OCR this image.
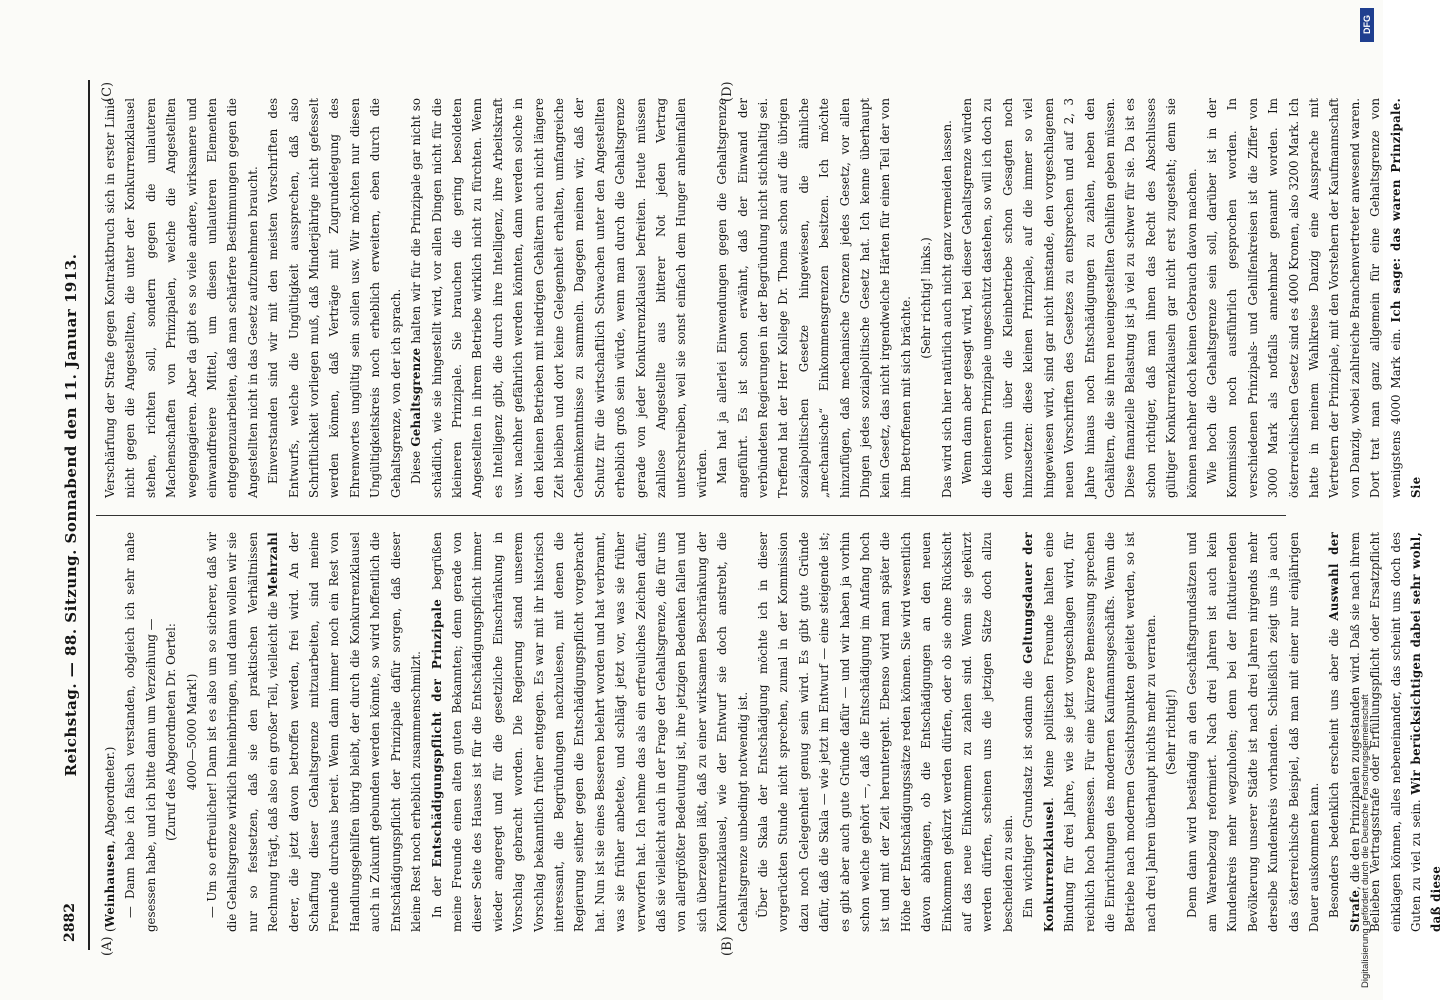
2882
Reichstag. — 88. Sitzung. Sonnabend den 11. Januar 1913.

(Weinhausen, Abgeordneter.) — Dann habe ich falsch verstanden, obgleich ich sehr nahe gesessen habe, und ich bitte dann um Verzeihung — (Zuruf des Abgeordneten Dr. Oertel: 4000—5000 Mark!) — Um so erfreulicher! Dann ist es also um so sicherer, daß wir die Gehaltsgrenze wirklich hineinbringen, und dann wollen wir sie nur so festsetzen, daß sie den praktischen Verhältnissen Rechnung trägt, daß also ein großer Teil, vielleicht die Mehrzahl derer, die jetzt davon betroffen werden, frei wird. An der Schaffung dieser Gehaltsgrenze mitzuarbeiten, sind meine Freunde durchaus bereit. Wenn dann immer noch ein Rest von Handlungsgehilfen übrig bleibt, der durch die Konkurrenzklausel auch in Zukunft gebunden werden könnte, so wird hoffentlich die Entschädigungspflicht der Prinzipale dafür sorgen, daß dieser kleine Rest noch erheblich zusammenschmilzt. In der Entschädigungspflicht der Prinzipale begrüßen meine Freunde einen alten guten Bekannten; denn gerade von dieser Seite des Hauses ist für die Entschädigungspflicht immer wieder angeregt und für die gesetzliche Einschränkung in Vorschlag gebracht worden. Die Regierung stand unserem Vorschlag bekanntlich früher entgegen. Es war mit ihr historisch interessant, die Begründungen nachzulesen, mit denen die Regierung seither gegen die Entschädigungspflicht vorgebracht hat. Nun ist sie eines Besseren belehrt worden und hat verbrannt, was sie früher anbetete, und schlägt jetzt vor, was sie früher verworfen hat. Ich nehme das als ein erfreuliches Zeichen dafür, daß sie vielleicht auch in der Frage der Gehaltsgrenze, die für uns von allergrößter Bedeutung ist, ihre jetzigen Bedenken fallen und sich überzeugen läßt, daß zu einer wirksamen Beschränkung der Konkurrenzklausel, wie der Entwurf sie doch anstrebt, die Gehaltsgrenze unbedingt notwendig ist. Über die Skala der Entschädigung möchte ich in dieser vorgerückten Stunde nicht sprechen, zumal in der Kommission dazu noch Gelegenheit genug sein wird. Es gibt gute Gründe dafür, daß die Skala — wie jetzt im Entwurf — eine steigende ist; es gibt aber auch gute Gründe dafür — und wir haben ja vorhin schon welche gehört —, daß die Entschädigung im Anfang hoch ist und mit der Zeit heruntergeht. Ebenso wird man später die Höhe der Entschädigungssätze reden können. Sie wird wesentlich davon abhängen, ob die Entschädigungen an den neuen Einkommen gekürzt werden dürfen, oder ob sie ohne Rücksicht auf das neue Einkommen zu zahlen sind. Wenn sie gekürzt werden dürfen, scheinen uns die jetzigen Sätze doch allzu bescheiden zu sein. Ein wichtiger Grundsatz ist sodann die Geltungsdauer der Konkurrenzklausel. Meine politischen Freunde halten eine Bindung für drei Jahre, wie sie jetzt vorgeschlagen wird, für reichlich hoch bemessen. Für eine kürzere Bemessung sprechen die Einrichtungen des modernen Kaufmannsgeschäfts. Wenn die Betriebe nach modernen Gesichtspunkten geleitet werden, so ist nach drei Jahren überhaupt nichts mehr zu verraten. (Sehr richtig!) Denn dann wird beständig an den Geschäftsgrundsätzen und am Warenbezug reformiert. Nach drei Jahren ist auch kein Kundenkreis mehr wegzuholen; denn bei der fluktuierenden Bevölkerung unserer Städte ist nach drei Jahren nirgends mehr derselbe Kundenkreis vorhanden. Schließlich zeigt uns ja auch das österreichische Beispiel, daß man mit einer nur einjährigen Dauer auskommen kann. Besonders bedenklich erscheint uns aber die Auswahl der Strafe, die den Prinzipalen zugestanden wird. Daß sie nach ihrem Belieben Vertragsstrafe oder Erfüllungspflicht oder Ersatzpflicht einklagen können, alles nebeneinander, das scheint uns doch des Guten zu viel zu sein. Wir berücksichtigen dabei sehr wohl, daß diese

Verschärfung der Strafe gegen Kontraktbruch sich in erster Linie nicht gegen die Angestellten, die unter der Konkurrenzklausel stehen, richten soll, sondern gegen die unlauteren Machenschaften von Prinzipalen, welche die Angestellten wegengagieren. Aber da gibt es so viele andere, wirksamere und einwandfreiere Mittel, um diesen unlauteren Elementen entgegenzuarbeiten, daß man schärfere Bestimmungen gegen die Angestellten nicht in das Gesetz aufzunehmen braucht. Einverstanden sind wir mit den meisten Vorschriften des Entwurfs, welche die Ungültigkeit aussprechen, daß also Schriftlichkeit vorliegen muß, daß Minderjährige nicht gefesselt werden können, daß Verträge mit Zugrundelegung des Ehrenwortes ungültig sein sollen usw. Wir möchten nur diesen Ungültigkeitskreis noch erheblich erweitern, eben durch die Gehaltsgrenze, von der ich sprach. Diese Gehaltsgrenze halten wir für die Prinzipale gar nicht so schädlich, wie sie hingestellt wird, vor allen Dingen nicht für die kleineren Prinzipale. Sie brauchen die gering besoldeten Angestellten in ihrem Betriebe wirklich nicht zu fürchten. Wenn es Intelligenz gibt, die durch ihre Intelligenz, ihre Arbeitskraft usw. nachher gefährlich werden könnten, dann werden solche in den kleinen Betrieben mit niedrigen Gehältern auch nicht längere Zeit bleiben und dort keine Gelegenheit erhalten, umfangreiche Geheimkenntnisse zu sammeln. Dagegen meinen wir, daß der Schutz für die wirtschaftlich Schwachen unter den Angestellten erheblich groß sein würde, wenn man durch die Gehaltsgrenze gerade von jeder Konkurrenzklausel befreiten. Heute müssen zahllose Angestellte aus bitterer Not jeden Vertrag unterschreiben, weil sie sonst einfach dem Hunger anheimfallen würden. Man hat ja allerlei Einwendungen gegen die Gehaltsgrenze angeführt. Es ist schon erwähnt, daß der Einwand der verbündeten Regierungen in der Begründung nicht stichhaltig sei. Treffend hat der Herr Kollege Dr. Thoma schon auf die übrigen sozialpolitischen Gesetze hingewiesen, die ähnliche „mechanische“ Einkommensgrenzen besitzen. Ich möchte hinzufügen, daß mechanische Grenzen jedes Gesetz, vor allen Dingen jedes sozialpolitische Gesetz hat. Ich kenne überhaupt kein Gesetz, das nicht irgendwelche Härten für einen Teil der von ihm Betroffenen mit sich brächte. (Sehr richtig! links.) Das wird sich hier natürlich auch nicht ganz vermeiden lassen. Wenn dann aber gesagt wird, bei dieser Gehaltsgrenze würden die kleineren Prinzipale ungeschützt dastehen, so will ich doch zu dem vorhin über die Kleinbetriebe schon Gesagten noch hinzusetzen: diese kleinen Prinzipale, auf die immer so viel hingewiesen wird, sind gar nicht imstande, den vorgeschlagenen neuen Vorschriften des Gesetzes zu entsprechen und auf 2, 3 Jahre hinaus noch Entschädigungen zu zahlen, neben den Gehältern, die sie ihren neueingestellten Gehilfen geben müssen. Diese finanzielle Belastung ist ja viel zu schwer für sie. Da ist es schon richtiger, daß man ihnen das Recht des Abschlusses gültiger Konkurrenzklauseln gar nicht erst zugesteht; denn sie können nachher doch keinen Gebrauch davon machen. Wie hoch die Gehaltsgrenze sein soll, darüber ist in der Kommission noch ausführlich gesprochen worden. In verschiedenen Prinzipals- und Gehilfenkreisen ist die Ziffer von 3000 Mark als notfalls annehmbar genannt worden. Im österreichischen Gesetz sind es 4000 Kronen, also 3200 Mark. Ich hatte in meinem Wahlkreise Danzig eine Aussprache mit Vertretern der Prinzipale, mit den Vorstehern der Kaufmannschaft von Danzig, wobei zahlreiche Branchenvertreter anwesend waren. Dort trat man ganz allgemein für eine Gehaltsgrenze von wenigstens 4000 Mark ein. Ich sage: das waren Prinzipale. Sie

(A)	(B)
(C)	(D)
DFG
Digitalisierung gefördert durch die Deutsche Forschungsgemeinschaft
